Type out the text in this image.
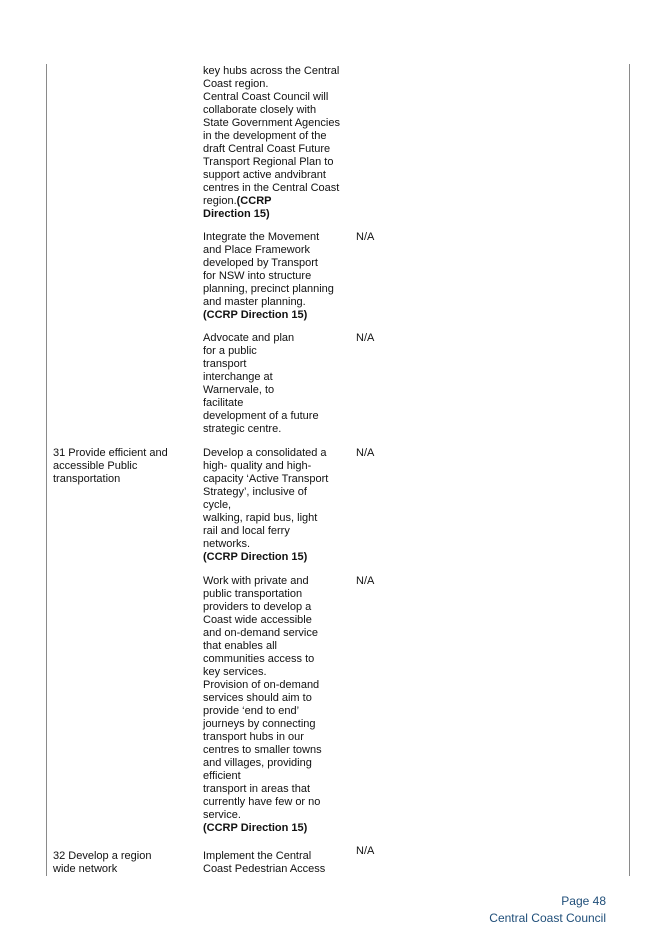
key hubs across the Central
Coast region.
Central Coast Council will
collaborate closely with
State Government Agencies
in the development of the
draft Central Coast Future
Transport Regional Plan to
support active andvibrant
centres in the Central Coast
region.(CCRP
Direction 15)
Integrate the Movement
and Place Framework
developed by Transport
for NSW into structure
planning, precinct planning
and master planning.
(CCRP Direction 15)
N/A
Advocate and plan
for a public
transport
interchange at
Warnervale, to
facilitate
development of a future
strategic centre.
N/A
31 Provide efficient and
accessible Public
transportation
Develop a consolidated a
high- quality and high-
capacity ‘Active Transport
Strategy’, inclusive of
cycle,
walking, rapid bus, light
rail and local ferry
networks.
(CCRP Direction 15)
N/A
Work with private and
public transportation
providers to develop a
Coast wide accessible
and on-demand service
that enables all
communities access to
key services.
Provision of on-demand
services should aim to
provide ‘end to end’
journeys by connecting
transport hubs in our
centres to smaller towns
and villages, providing
efficient
transport in areas that
currently have few or no
service.
(CCRP Direction 15)
N/A
32 Develop a region
wide network
Implement the Central
Coast Pedestrian Access
N/A
Page 48
Central Coast Council
